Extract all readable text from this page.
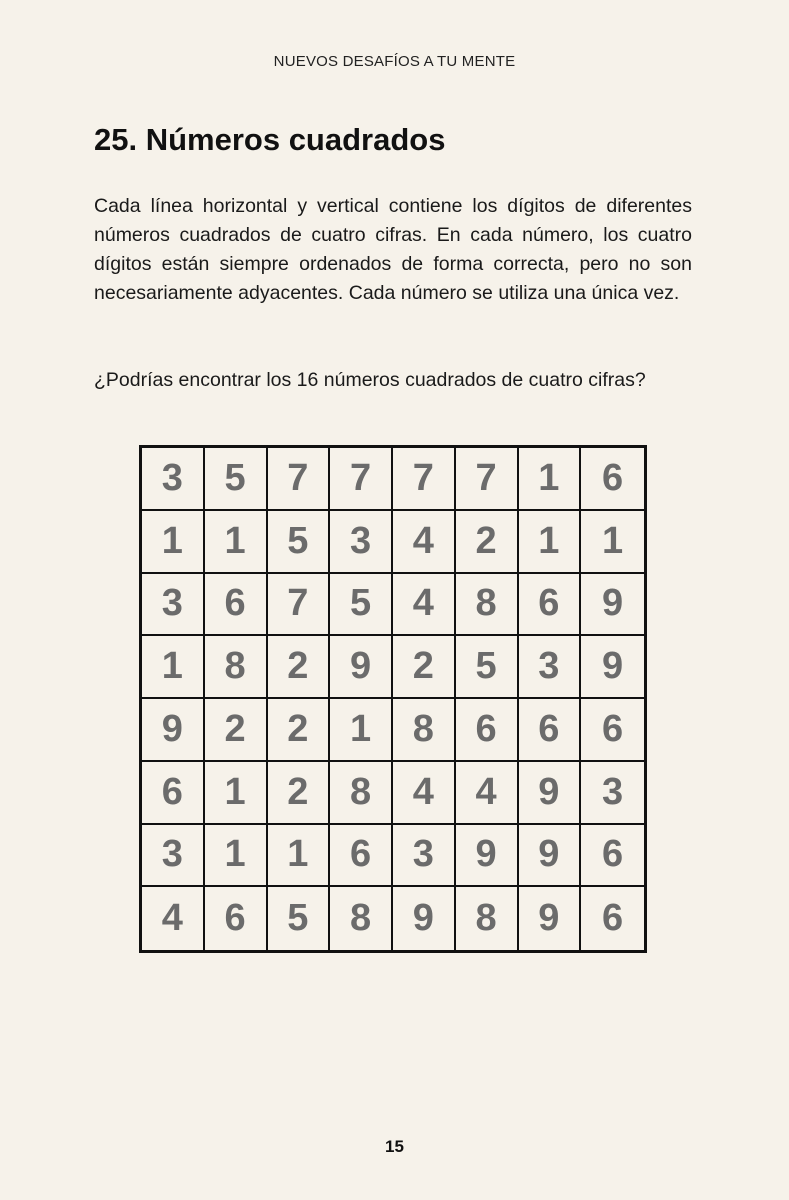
NUEVOS DESAFÍOS A TU MENTE
25. Números cuadrados

Cada línea horizontal y vertical contiene los dígitos de diferentes números cuadrados de cuatro cifras. En cada número, los cuatro dígitos están siempre ordenados de forma correcta, pero no son necesariamente adyacentes. Cada número se utiliza una única vez.

¿Podrías encontrar los 16 números cuadrados de cuatro cifras?

3	5	7	7	7	7	1	6
1	1	5	3	4	2	1	1
3	6	7	5	4	8	6	9
1	8	2	9	2	5	3	9
9	2	2	1	8	6	6	6
6	1	2	8	4	4	9	3
3	1	1	6	3	9	9	6
4	6	5	8	9	8	9	6
15
